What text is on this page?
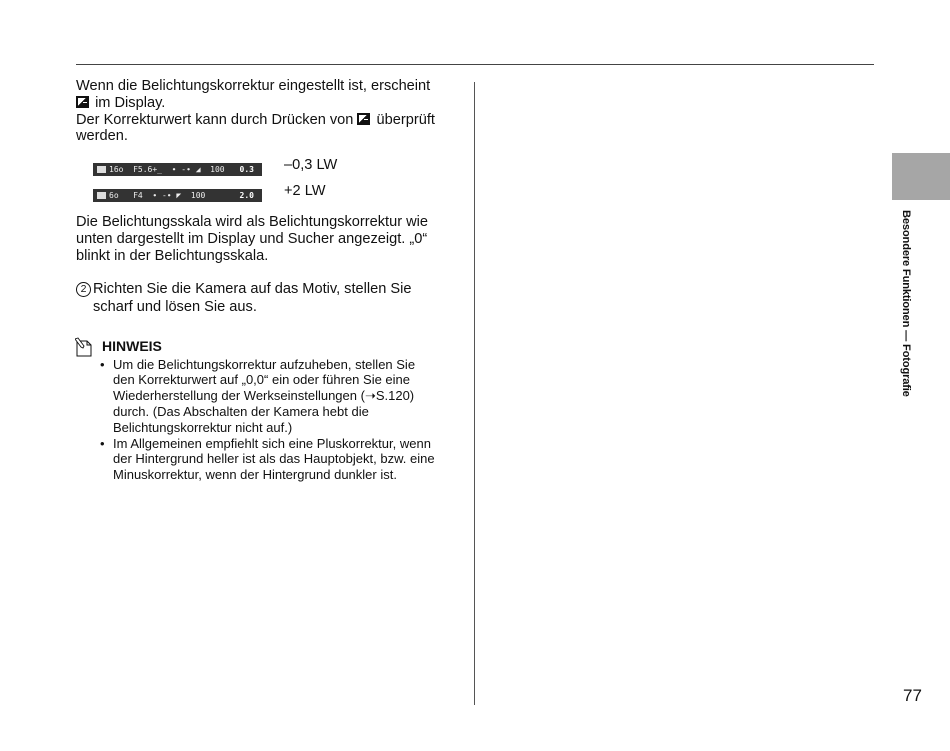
Wenn die Belichtungskorrektur eingestellt ist, erscheint
im Display.
Der Korrekturwert kann durch Drücken von überprüft
werden.
16o  F5.6+̲  ∙ -∙ ◢  100 0.3 –0,3 LW
6o   F4  ∙ -∙ ◤  100	2.0 +2 LW
Die Belichtungsskala wird als Belichtungskorrektur wie
unten dargestellt im Display und Sucher angezeigt. „0“
blinkt in der Belichtungsskala.
2 Richten Sie die Kamera auf das Motiv, stellen Sie
scharf und lösen Sie aus.
HINWEIS
• Um die Belichtungskorrektur aufzuheben, stellen Sie
den Korrekturwert auf „0,0“ ein oder führen Sie eine
Wiederherstellung der Werkseinstellungen (➝S.120)
durch. (Das Abschalten der Kamera hebt die
Belichtungskorrektur nicht auf.)
• Im Allgemeinen empfiehlt sich eine Pluskorrektur, wenn
der Hintergrund heller ist als das Hauptobjekt, bzw. eine
Minuskorrektur, wenn der Hintergrund dunkler ist.
Besondere Funktionen — Fotografie
77
